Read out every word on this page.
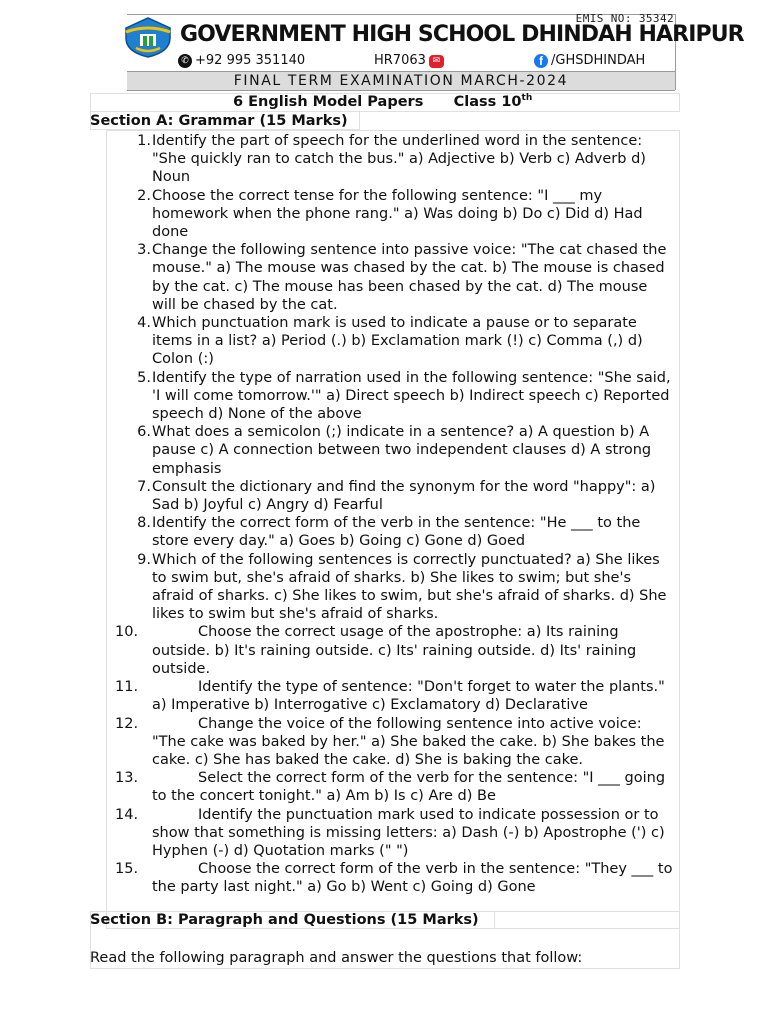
EMIS NO: 35342
GOVERNMENT HIGH SCHOOL DHINDAH HARIPUR
✆ +92 995 351140	HR7063 ✉	f /GHSDHINDAH
FINAL TERM EXAMINATION MARCH-2024
6 English Model Papers Class 10th
Section A: Grammar (15 Marks)
1. Identify the part of speech for the underlined word in the sentence: "She quickly ran to catch the bus." a) Adjective b) Verb c) Adverb d) Noun
2. Choose the correct tense for the following sentence: "I ___ my homework when the phone rang." a) Was doing b) Do c) Did d) Had done
3. Change the following sentence into passive voice: "The cat chased the mouse." a) The mouse was chased by the cat. b) The mouse is chased by the cat. c) The mouse has been chased by the cat. d) The mouse will be chased by the cat.
4. Which punctuation mark is used to indicate a pause or to separate items in a list? a) Period (.) b) Exclamation mark (!) c) Comma (,) d) Colon (:)
5. Identify the type of narration used in the following sentence: "She said, 'I will come tomorrow.'" a) Direct speech b) Indirect speech c) Reported speech d) None of the above
6. What does a semicolon (;) indicate in a sentence? a) A question b) A pause c) A connection between two independent clauses d) A strong emphasis
7. Consult the dictionary and find the synonym for the word "happy": a) Sad b) Joyful c) Angry d) Fearful
8. Identify the correct form of the verb in the sentence: "He ___ to the store every day." a) Goes b) Going c) Gone d) Goed
9. Which of the following sentences is correctly punctuated? a) She likes to swim but, she's afraid of sharks. b) She likes to swim; but she's afraid of sharks. c) She likes to swim, but she's afraid of sharks. d) She likes to swim but she's afraid of sharks.
10.	Choose the correct usage of the apostrophe: a) Its raining outside. b) It's raining outside. c) Its' raining outside. d) Its' raining outside.
11.	Identify the type of sentence: "Don't forget to water the plants." a) Imperative b) Interrogative c) Exclamatory d) Declarative
12.	Change the voice of the following sentence into active voice: "The cake was baked by her." a) She baked the cake. b) She bakes the cake. c) She has baked the cake. d) She is baking the cake.
13.	Select the correct form of the verb for the sentence: "I ___ going to the concert tonight." a) Am b) Is c) Are d) Be
14.	Identify the punctuation mark used to indicate possession or to show that something is missing letters: a) Dash (-) b) Apostrophe (') c) Hyphen (-) d) Quotation marks (" ")
15.	Choose the correct form of the verb in the sentence: "They ___ to the party last night." a) Go b) Went c) Going d) Gone
Section B: Paragraph and Questions (15 Marks)
Read the following paragraph and answer the questions that follow:
